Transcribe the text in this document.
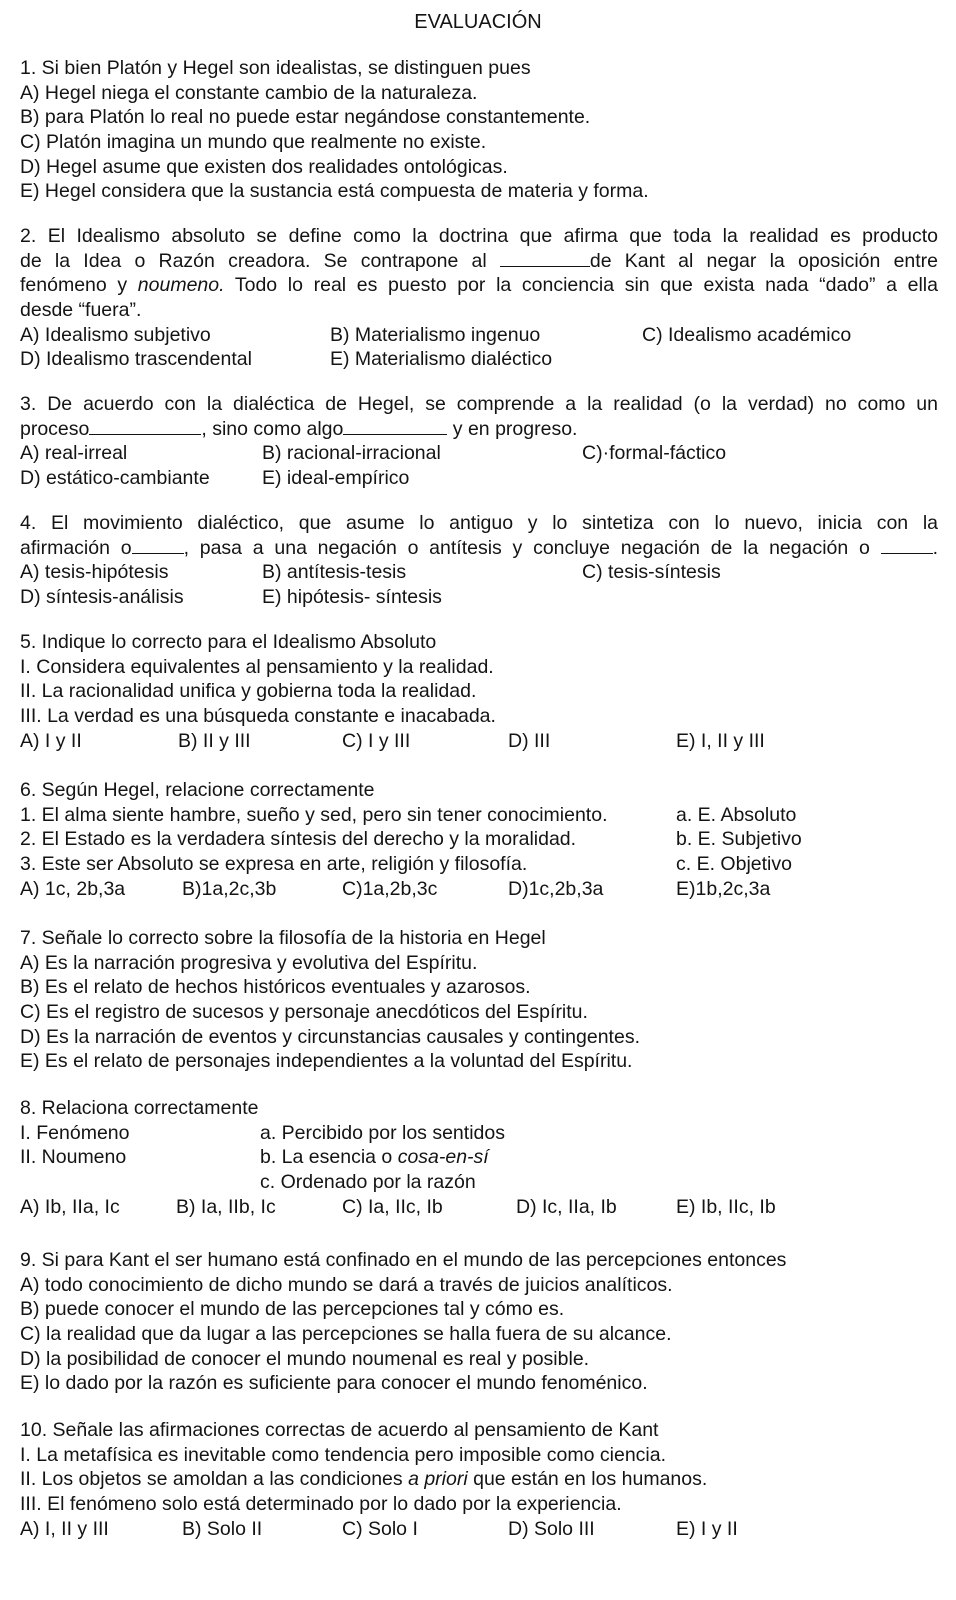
EVALUACIÓN
1. Si bien Platón y Hegel son idealistas, se distinguen pues
A) Hegel niega el constante cambio de la naturaleza.
B) para Platón lo real no puede estar negándose constantemente.
C) Platón imagina un mundo que realmente no existe.
D) Hegel asume que existen dos realidades ontológicas.
E) Hegel considera que la sustancia está compuesta de materia y forma.
2. El Idealismo absoluto se define como la doctrina que afirma que toda la realidad es producto
de la Idea o Razón creadora. Se contrapone al	de Kant al negar la oposición entre
fenómeno y noumeno. Todo lo real es puesto por la conciencia sin que exista nada “dado” a ella
desde “fuera”.
A) Idealismo subjetivo	B) Materialismo ingenuo	C) Idealismo académico
D) Idealismo trascendental	E) Materialismo dialéctico
3. De acuerdo con la dialéctica de Hegel, se comprende a la realidad (o la verdad) no como un
proceso	, sino como algo	y en progreso.
A) real-irreal	B) racional-irracional	C)·formal-fáctico
D) estático-cambiante	E) ideal-empírico
4. El movimiento dialéctico, que asume lo antiguo y lo sintetiza con lo nuevo, inicia con la
afirmación o	, pasa a una negación o antítesis y concluye negación de la negación o	.
A) tesis-hipótesis	B) antítesis-tesis	C) tesis-síntesis
D) síntesis-análisis	E) hipótesis- síntesis
5. Indique lo correcto para el Idealismo Absoluto
I. Considera equivalentes al pensamiento y la realidad.
II. La racionalidad unifica y gobierna toda la realidad.
III. La verdad es una búsqueda constante e inacabada.
A) I y II	B) II y III	C) I y III	D) III	E) I, II y III
6. Según Hegel, relacione correctamente
1. El alma siente hambre, sueño y sed, pero sin tener conocimiento.	a. E. Absoluto
2. El Estado es la verdadera síntesis del derecho y la moralidad.	b. E. Subjetivo
3. Este ser Absoluto se expresa en arte, religión y filosofía.	c. E. Objetivo
A) 1c, 2b,3a	B)1a,2c,3b	C)1a,2b,3c	D)1c,2b,3a	E)1b,2c,3a
7. Señale lo correcto sobre la filosofía de la historia en Hegel
A) Es la narración progresiva y evolutiva del Espíritu.
B) Es el relato de hechos históricos eventuales y azarosos.
C) Es el registro de sucesos y personaje anecdóticos del Espíritu.
D) Es la narración de eventos y circunstancias causales y contingentes.
E) Es el relato de personajes independientes a la voluntad del Espíritu.
8. Relaciona correctamente
I. Fenómeno	a. Percibido por los sentidos
II. Noumeno	b. La esencia o cosa-en-sí
c. Ordenado por la razón
A) Ib, IIa, Ic	B) Ia, IIb, Ic	C) Ia, IIc, Ib	D) Ic, IIa, Ib	E) Ib, IIc, Ib
9. Si para Kant el ser humano está confinado en el mundo de las percepciones entonces
A) todo conocimiento de dicho mundo se dará a través de juicios analíticos.
B) puede conocer el mundo de las percepciones tal y cómo es.
C) la realidad que da lugar a las percepciones se halla fuera de su alcance.
D) la posibilidad de conocer el mundo noumenal es real y posible.
E) lo dado por la razón es suficiente para conocer el mundo fenoménico.
10. Señale las afirmaciones correctas de acuerdo al pensamiento de Kant
I. La metafísica es inevitable como tendencia pero imposible como ciencia.
II. Los objetos se amoldan a las condiciones a priori que están en los humanos.
III. El fenómeno solo está determinado por lo dado por la experiencia.
A) I, II y III	B) Solo II	C) Solo I	D) Solo III	E) I y II
